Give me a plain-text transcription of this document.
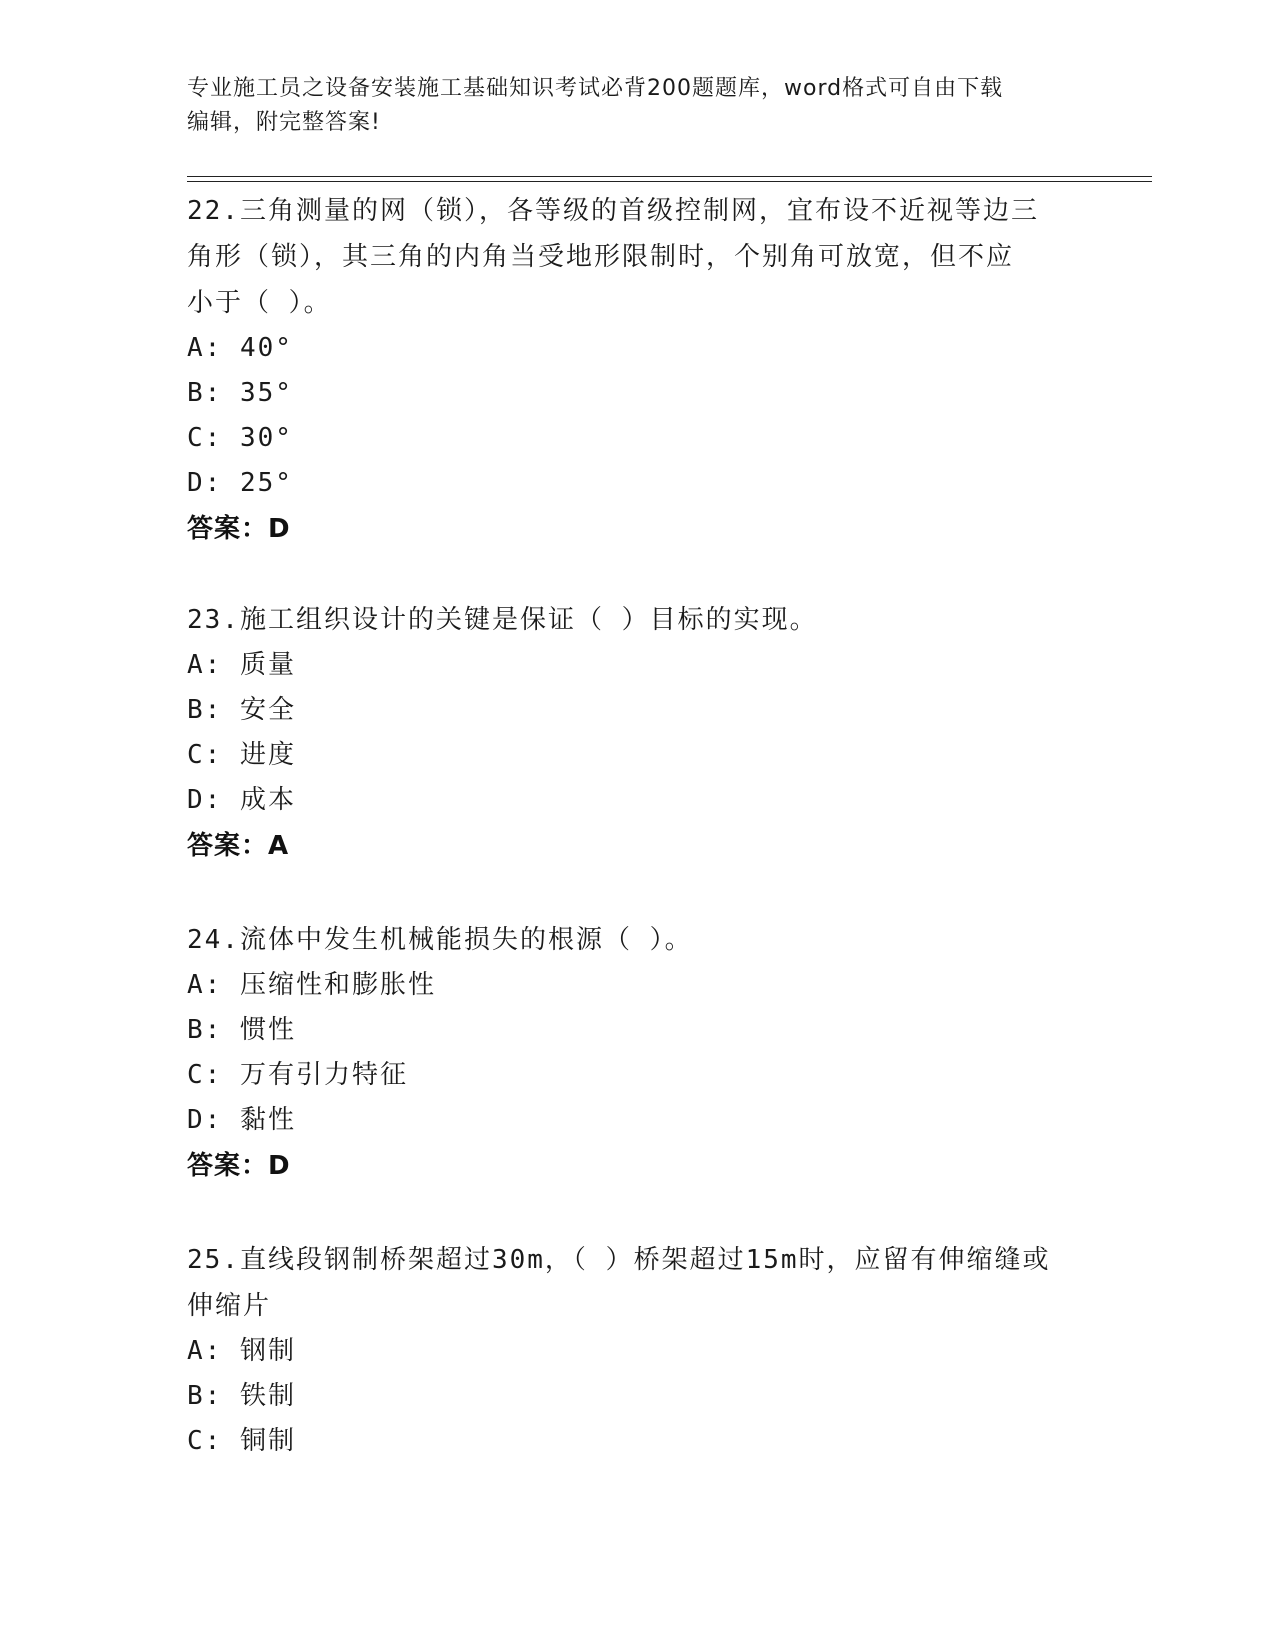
专业施工员之设备安装施工基础知识考试必背200题题库，word格式可自由下载
编辑，附完整答案!
22.三角测量的网（锁），各等级的首级控制网，宜布设不近视等边三
角形（锁），其三角的内角当受地形限制时，个别角可放宽，但不应
小于（ ）。
A: 40°
B: 35°
C: 30°
D: 25°
答案：D
23.施工组织设计的关键是保证（ ）目标的实现。
A: 质量
B: 安全
C: 进度
D: 成本
答案：A
24.流体中发生机械能损失的根源（ ）。
A: 压缩性和膨胀性
B: 惯性
C: 万有引力特征
D: 黏性
答案：D
25.直线段钢制桥架超过30m，（ ）桥架超过15m时，应留有伸缩缝或
伸缩片
A: 钢制
B: 铁制
C: 铜制
